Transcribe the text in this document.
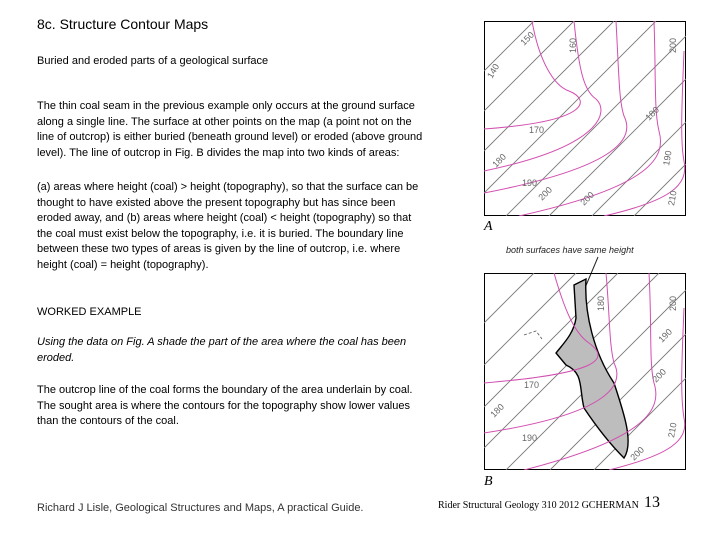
8c. Structure Contour Maps
Buried and eroded parts of a geological surface
The thin coal seam in the previous example only occurs at the ground surface along a single line. The surface at other points on the map (a point not on the line of outcrop) is either buried (beneath ground level) or eroded (above ground level). The line of outcrop in Fig. B divides the map into two kinds of areas:
(a) areas where height (coal) > height (topography), so that the surface can be thought to have existed above the present topography but has since been eroded away, and (b) areas where height (coal) < height (topography) so that the coal must exist below the topography, i.e. it is buried. The boundary line between these two types of areas is given by the line of outcrop, i.e. where height (coal) = height (topography).
WORKED EXAMPLE
Using the data on Fig. A shade the part of the area where the coal has been eroded.
The outcrop line of the coal forms the boundary of the area underlain by coal. The sought area is where the contours for the topography show lower values than the contours of the coal.
Richard J Lisle, Geological Structures and Maps, A practical Guide.	Rider Structural Geology 310 2012 GCHERMAN 13
150	160	200
140
170
180
190
180
190
200	210
200
A
both surfaces have same height
180	200
190
170
200
180
210
190
200
B
